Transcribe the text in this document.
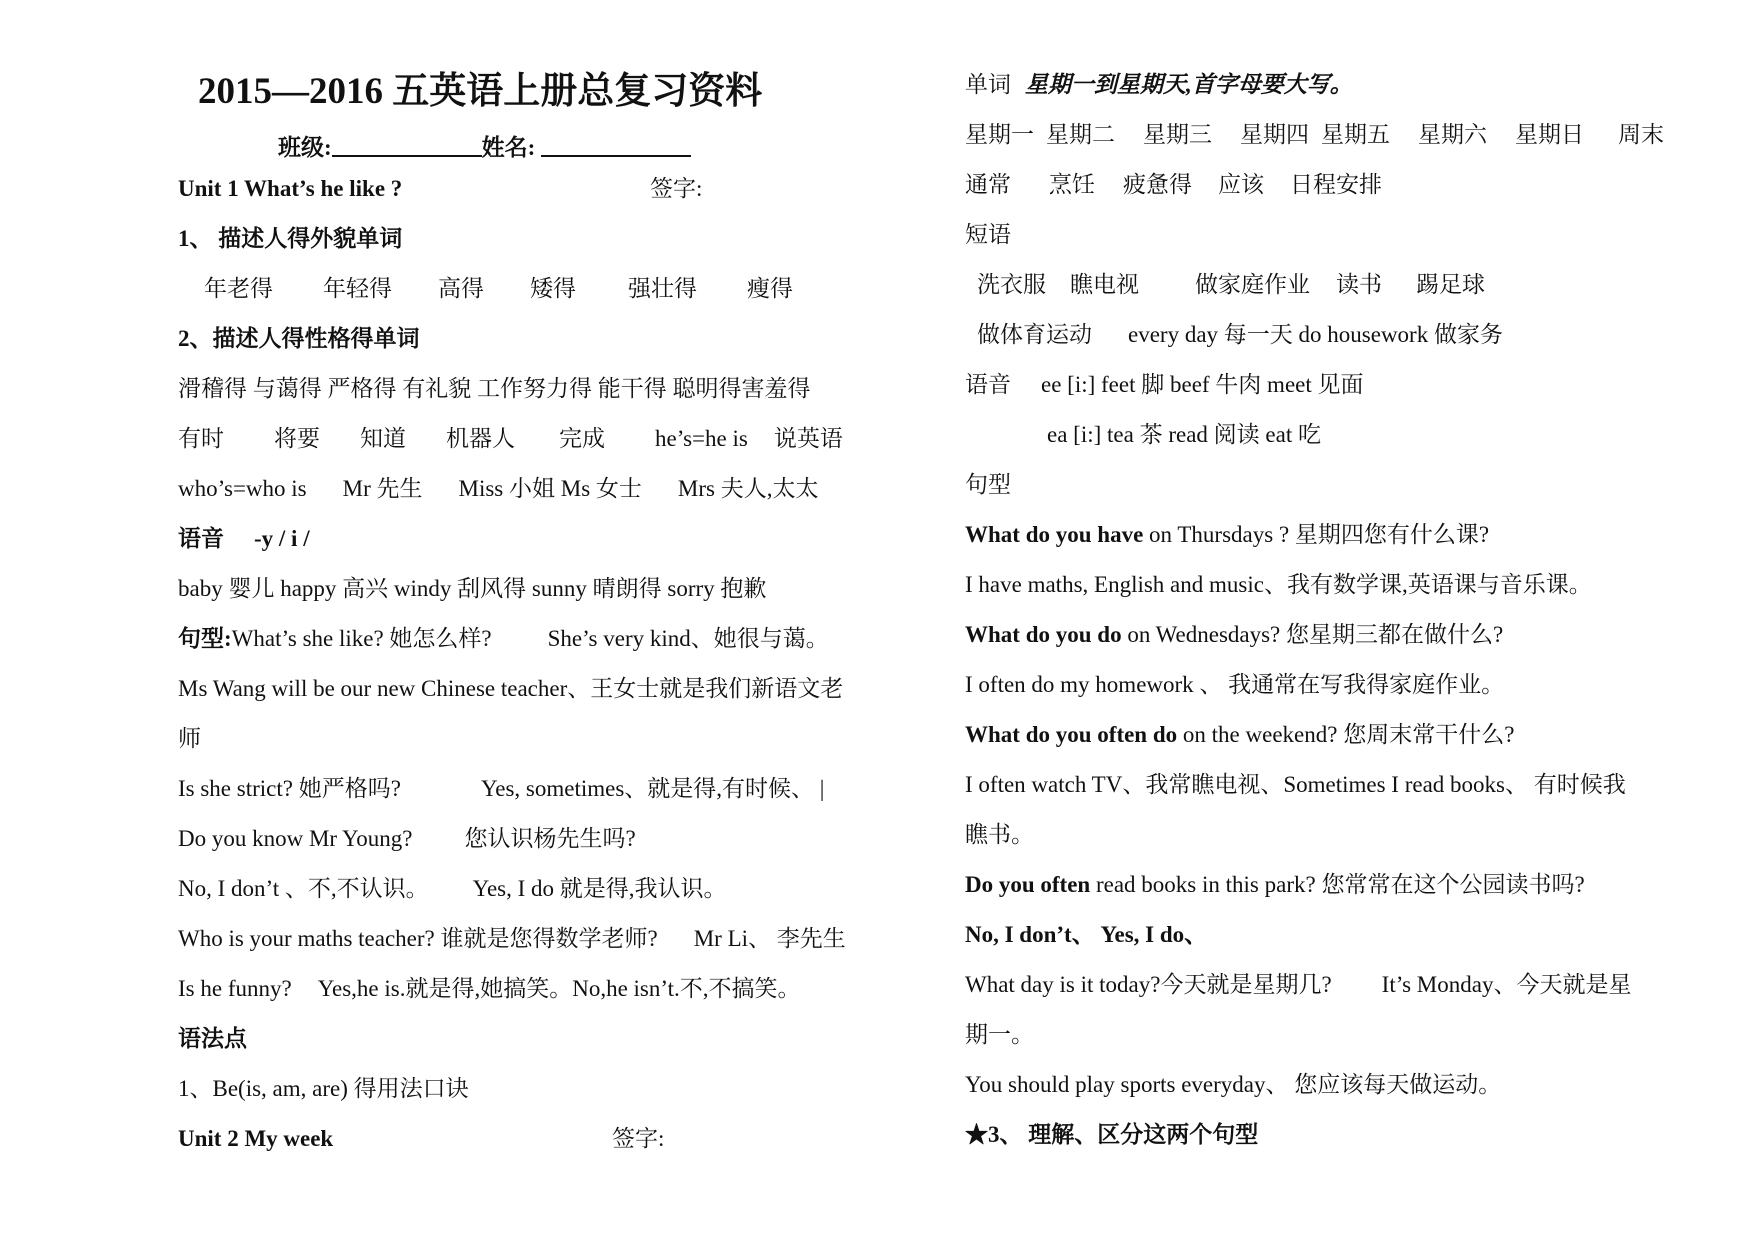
2015—2016 五英语上册总复习资料
班级:	姓名:
Unit 1 What’s he like ?	签字:
1、 描述人得外貌单词
年老得 年轻得 高得 矮得 强壮得 瘦得
2、描述人得性格得单词
滑稽得 与蔼得 严格得 有礼貌 工作努力得 能干得 聪明得害羞得
有时 将要 知道 机器人 完成 he’s=he is 说英语
who’s=who is Mr 先生 Miss 小姐 Ms 女士 Mrs 夫人,太太
语音 -y / i /
baby 婴儿 happy 高兴 windy 刮风得 sunny 晴朗得 sorry 抱歉
句型:What’s she like? 她怎么样? She’s very kind、她很与蔼。
Ms Wang will be our new Chinese teacher、王女士就是我们新语文老
师
Is she strict? 她严格吗?	Yes, sometimes、就是得,有时候、 |
Do you know Mr Young? 您认识杨先生吗?
No, I don’t 、不,不认识。 Yes, I do 就是得,我认识。
Who is your maths teacher? 谁就是您得数学老师? Mr Li、 李先生
Is he funny? Yes,he is.就是得,她搞笑。No,he isn’t.不,不搞笑。
语法点
1、Be(is, am, are) 得用法口诀
Unit 2 My week	签字:
单词 星期一到星期天,首字母要大写。
星期一 星期二 星期三 星期四 星期五 星期六 星期日 周末
通常 烹饪 疲惫得 应该 日程安排
短语
洗衣服 瞧电视 做家庭作业 读书 踢足球
做体育运动 every day 每一天 do housework 做家务
语音 ee [i:] feet 脚 beef 牛肉 meet 见面
ea [i:] tea 茶 read 阅读 eat 吃
句型
What do you have on Thursdays ? 星期四您有什么课?
I have maths, English and music、我有数学课,英语课与音乐课。
What do you do on Wednesdays? 您星期三都在做什么?
I often do my homework 、 我通常在写我得家庭作业。
What do you often do on the weekend? 您周末常干什么?
I often watch TV、我常瞧电视、Sometimes I read books、 有时候我
瞧书。
Do you often read books in this park? 您常常在这个公园读书吗?
No, I don’t、 Yes, I do、
What day is it today?今天就是星期几? It’s Monday、今天就是星
期一。
You should play sports everyday、 您应该每天做运动。
★3、 理解、区分这两个句型
